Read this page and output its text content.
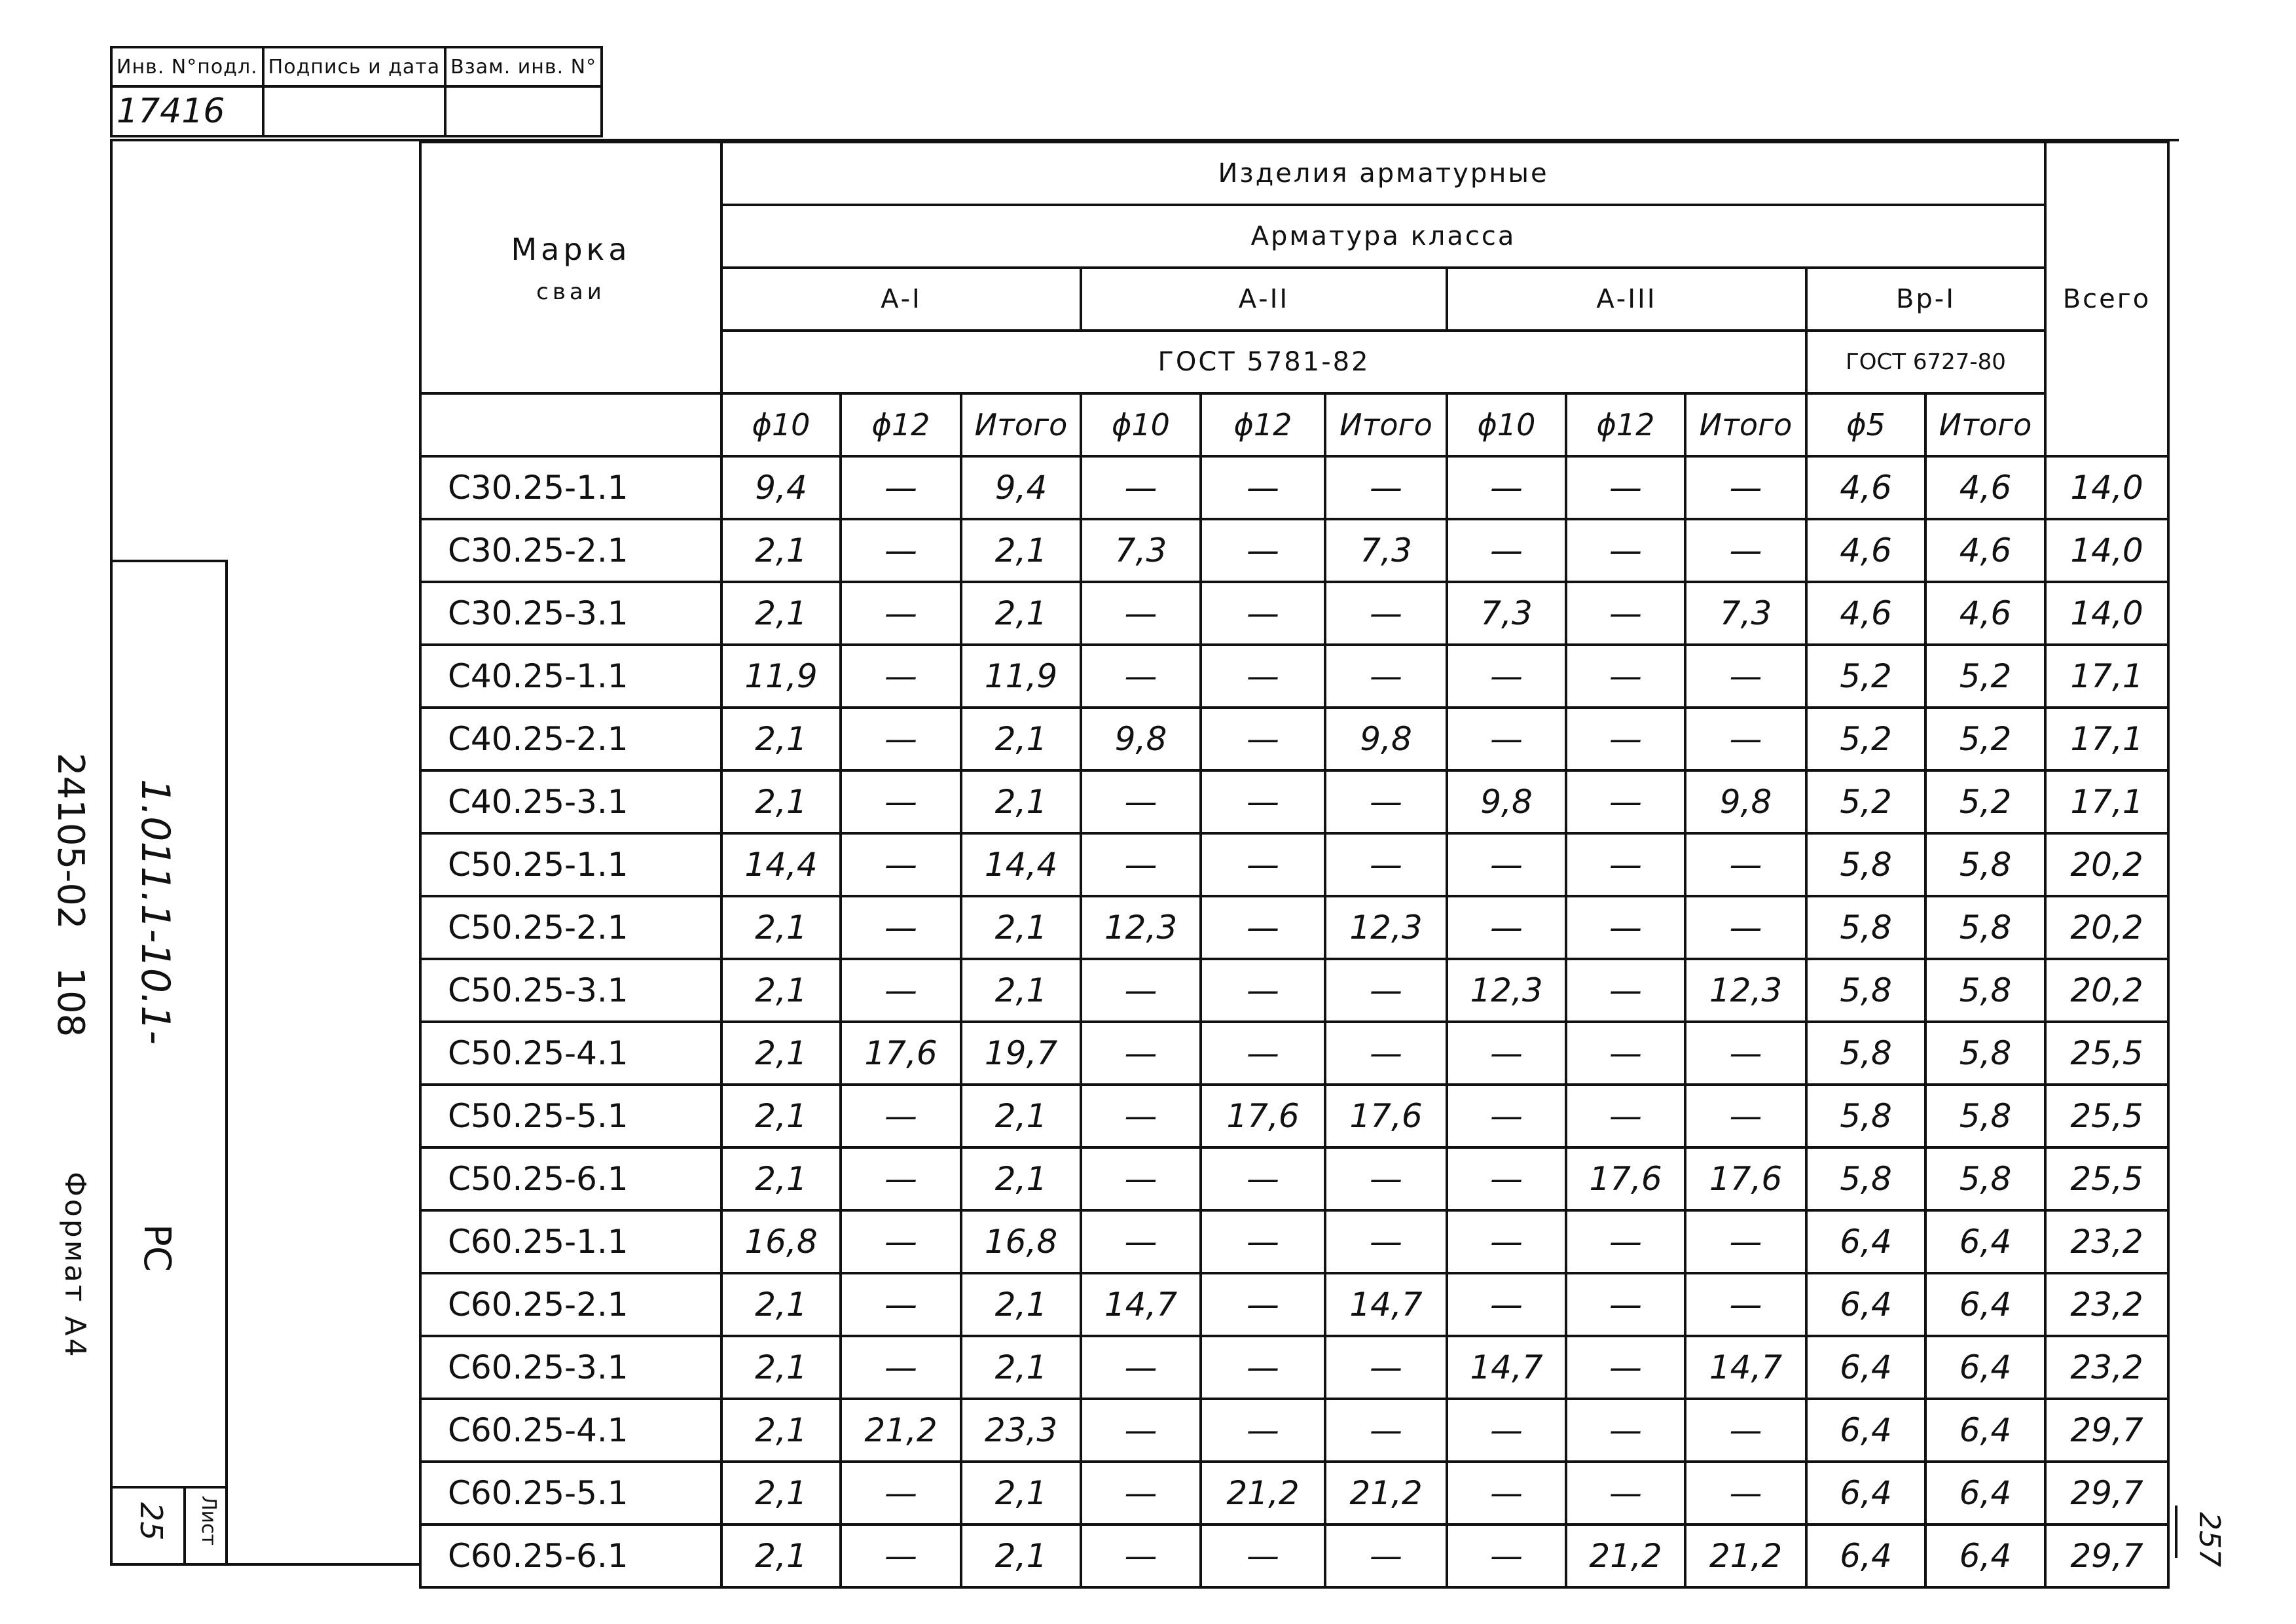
Инв. N°подл.	Подпись и дата	Взам. инв. N°
17416		
24105-02 108
Формат А4
1.011.1-10.1-
РС
Лист
25	257
Марка
сваи	Изделия арматурные											Всего
	Арматура класса											
	А-I			А-II			А-III			Вр-I		
	ГОСТ 5781-82									ГОСТ 6727-80		
	ϕ10	ϕ12	Итого	ϕ10	ϕ12	Итого	ϕ10	ϕ12	Итого	ϕ5	Итого	
С30.25-1.1	9,4	—	9,4	—	—	—	—	—	—	4,6	4,6	14,0
С30.25-2.1	2,1	—	2,1	7,3	—	7,3	—	—	—	4,6	4,6	14,0
С30.25-3.1	2,1	—	2,1	—	—	—	7,3	—	7,3	4,6	4,6	14,0
С40.25-1.1	11,9	—	11,9	—	—	—	—	—	—	5,2	5,2	17,1
С40.25-2.1	2,1	—	2,1	9,8	—	9,8	—	—	—	5,2	5,2	17,1
С40.25-3.1	2,1	—	2,1	—	—	—	9,8	—	9,8	5,2	5,2	17,1
С50.25-1.1	14,4	—	14,4	—	—	—	—	—	—	5,8	5,8	20,2
С50.25-2.1	2,1	—	2,1	12,3	—	12,3	—	—	—	5,8	5,8	20,2
С50.25-3.1	2,1	—	2,1	—	—	—	12,3	—	12,3	5,8	5,8	20,2
С50.25-4.1	2,1	17,6	19,7	—	—	—	—	—	—	5,8	5,8	25,5
С50.25-5.1	2,1	—	2,1	—	17,6	17,6	—	—	—	5,8	5,8	25,5
С50.25-6.1	2,1	—	2,1	—	—	—	—	17,6	17,6	5,8	5,8	25,5
С60.25-1.1	16,8	—	16,8	—	—	—	—	—	—	6,4	6,4	23,2
С60.25-2.1	2,1	—	2,1	14,7	—	14,7	—	—	—	6,4	6,4	23,2
С60.25-3.1	2,1	—	2,1	—	—	—	14,7	—	14,7	6,4	6,4	23,2
С60.25-4.1	2,1	21,2	23,3	—	—	—	—	—	—	6,4	6,4	29,7
С60.25-5.1	2,1	—	2,1	—	21,2	21,2	—	—	—	6,4	6,4	29,7
С60.25-6.1	2,1	—	2,1	—	—	—	—	21,2	21,2	6,4	6,4	29,7
